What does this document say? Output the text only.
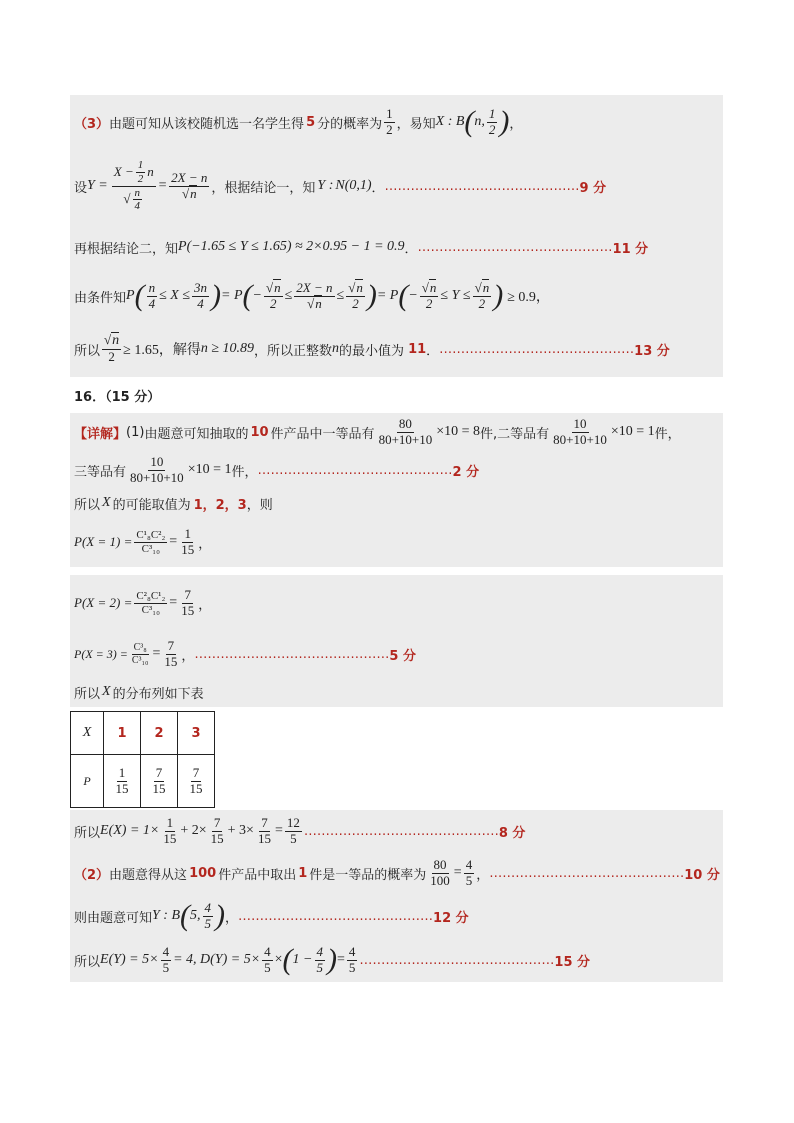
（3） 由题可知从该校随机选一名学生得 5 分的概率为 $\frac{1}{2}$ ，易知 X : B ( n, $\frac{1}{2}$ ) ，
设 $Y = \frac{X - \frac{1}{2} n}{√ \frac{n}{4}} = \frac{2X - n}{√n}$ ，根据结论一，知 Y : N(0,1) ． ……………………………………… 9 分
再根据结论二，知 P(−1.65 ≤ Y ≤ 1.65) ≈ 2×0.95 − 1 = 0.9 ． ……………………………………… 11 分
由条件知 P ( $\frac{n}{4} \le X \le \frac{3n}{4}$ ) = P ( − $\frac{√n}{2} \le \frac{2X - n}{√n} \le \frac{√n}{2}$ ) = P ( − $\frac{√n}{2} \le Y \le \frac{√n}{2}$ ) ≥ 0.9，
所以 $\frac{√n}{2} \ge 1.65$，解得 n ≥ 10.89 ，所以正整数 n 的最小值为 11 ． ……………………………………… 13 分
16．（15 分）
【详解】 (1) 由题意可知抽取的 10 件产品中一等品有 $\frac{80}{80+10+10} \times 10 = 8$ 件,二等品有 $\frac{10}{80+10+10} \times 10 = 1$ 件，
三等品有 $\frac{10}{80+10+10} \times 10 = 1$ 件， ……………………………………… 2 分
所以 X 的可能取值为 1，2，3 ，则
$P(X = 1) = \frac{\text{C¹₈C²₂}}{\text{C³₁₀}} = \frac{1}{15}$ ，
$P(X = 2) = \frac{\text{C²₈C¹₂}}{\text{C³₁₀}} = \frac{7}{15}$ ，
$P(X = 3) = \frac{\text{C³₈}}{\text{C³₁₀}} = \frac{7}{15}$ ， ……………………………………… 5 分
所以 X 的分布列如下表
X	1	2	3
P	$\frac{1}{15}$	$\frac{7}{15}$	$\frac{7}{15}$
所以 $E(X) = 1\times \frac{1}{15} + 2\times \frac{7}{15} + 3\times \frac{7}{15} = \frac{12}{5}$ ……………………………………… 8 分
（2） 由题意得从这 100 件产品中取出 1 件是一等品的概率为 $\frac{80}{100} = \frac{4}{5}$ ， ……………………………………… 10 分
则由题意可知 Y : B ( 5, $\frac{4}{5}$ ) ， ……………………………………… 12 分
所以 $E(Y) = 5\times \frac{4}{5} = 4$, $D(Y) = 5\times \frac{4}{5}$ × ( $1 - \frac{4}{5}$ ) = $\frac{4}{5}$ ……………………………………… 15 分
